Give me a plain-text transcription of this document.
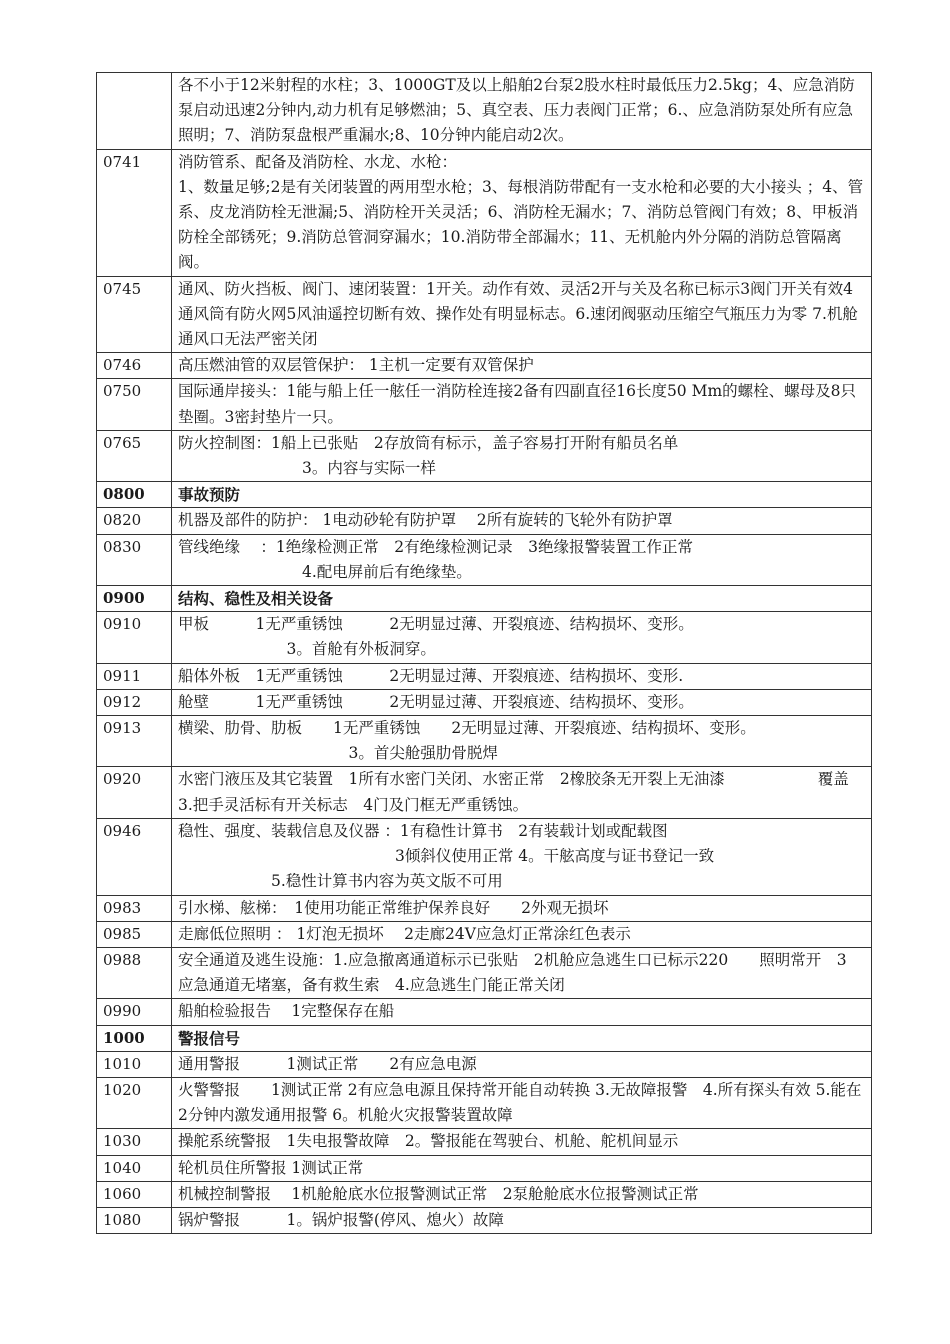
	各不小于12米射程的水柱；3、1000GT及以上船舶2台泵2股水柱时最低压力2.5kg；4、应急消防泵启动迅速2分钟内,动力机有足够燃油；5、真空表、压力表阀门正常；6.、应急消防泵处所有应急照明；7、消防泵盘根严重漏水;8、10分钟内能启动2次。
0741	消防管系、配备及消防栓、水龙、水枪：
1、数量足够;2是有关闭装置的两用型水枪；3、每根消防带配有一支水枪和必要的大小接头 ；4、管系、皮龙消防栓无泄漏;5、消防栓开关灵活；6、消防栓无漏水；7、消防总管阀门有效；8、甲板消防栓全部锈死；9.消防总管洞穿漏水；10.消防带全部漏水；11、无机舱内外分隔的消防总管隔离阀。
0745	通风、防火挡板、阀门、速闭装置：1开关。动作有效、灵活2开与关及名称已标示3阀门开关有效4通风筒有防火网5风油遥控切断有效、操作处有明显标志。6.速闭阀驱动压缩空气瓶压力为零 7.机舱通风口无法严密关闭
0746	高压燃油管的双层管保护： 1主机一定要有双管保护
0750	国际通岸接头：1能与船上任一舷任一消防栓连接2备有四副直径16长度50 Mm的螺栓、螺母及8只垫圈。3密封垫片一只。
0765	防火控制图：1船上已张贴　2存放筒有标示，盖子容易打开附有船员名单
　　　　　　　　3。内容与实际一样
0800	事故预防
0820	机器及部件的防护： 1电动砂轮有防护罩　 2所有旋转的飞轮外有防护罩
0830	管线绝缘　 ：1绝缘检测正常　2有绝缘检测记录　3绝缘报警装置工作正常
　　　　　　　　4.配电屏前后有绝缘垫。
0900	结构、稳性及相关设备
0910	甲板　　　1无严重锈蚀　　　2无明显过薄、开裂痕迹、结构损坏、变形。
　　　　　　　3。首舱有外板洞穿。
0911	船体外板　1无严重锈蚀　　　2无明显过薄、开裂痕迹、结构损坏、变形.
0912	舱壁　　　1无严重锈蚀　　　2无明显过薄、开裂痕迹、结构损坏、变形。
0913	横梁、肋骨、肋板　　1无严重锈蚀　　2无明显过薄、开裂痕迹、结构损坏、变形。
　　　　　　　　　　　3。首尖舱强肋骨脱焊
0920	水密门液压及其它装置　1所有水密门关闭、水密正常　2橡胶条无开裂上无油漆　　　　　　覆盖　3.把手灵活标有开关标志　4门及门框无严重锈蚀。
0946	稳性、强度、装载信息及仪器 ：1有稳性计算书　2有装载计划或配载图
　　　　　　　　　　　　　　3倾斜仪使用正常 4。干舷高度与证书登记一致
　　　　　　5.稳性计算书内容为英文版不可用
0983	引水梯、舷梯：　1使用功能正常维护保养良好　　2外观无损坏
0985	走廊低位照明 ： 1灯泡无损坏　 2走廊24V应急灯正常涂红色表示
0988	安全通道及逃生设施：1.应急撤离通道标示已张贴　2机舱应急逃生口已标示220　　照明常开　3 应急通道无堵塞，备有救生索　4.应急逃生门能正常关闭
0990	船舶检验报告　 1完整保存在船
1000	警报信号
1010	通用警报　　　1测试正常　　2有应急电源
1020	火警警报　　1测试正常 2有应急电源且保持常开能自动转换 3.无故障报警　4.所有探头有效 5.能在2分钟内激发通用报警 6。机舱火灾报警装置故障
1030	操舵系统警报　1失电报警故障　2。警报能在驾驶台、机舱、舵机间显示
1040	轮机员住所警报 1测试正常
1060	机械控制警报　 1机舱舱底水位报警测试正常　2泵舱舱底水位报警测试正常
1080	锅炉警报　　　1。锅炉报警(停风、熄火）故障
